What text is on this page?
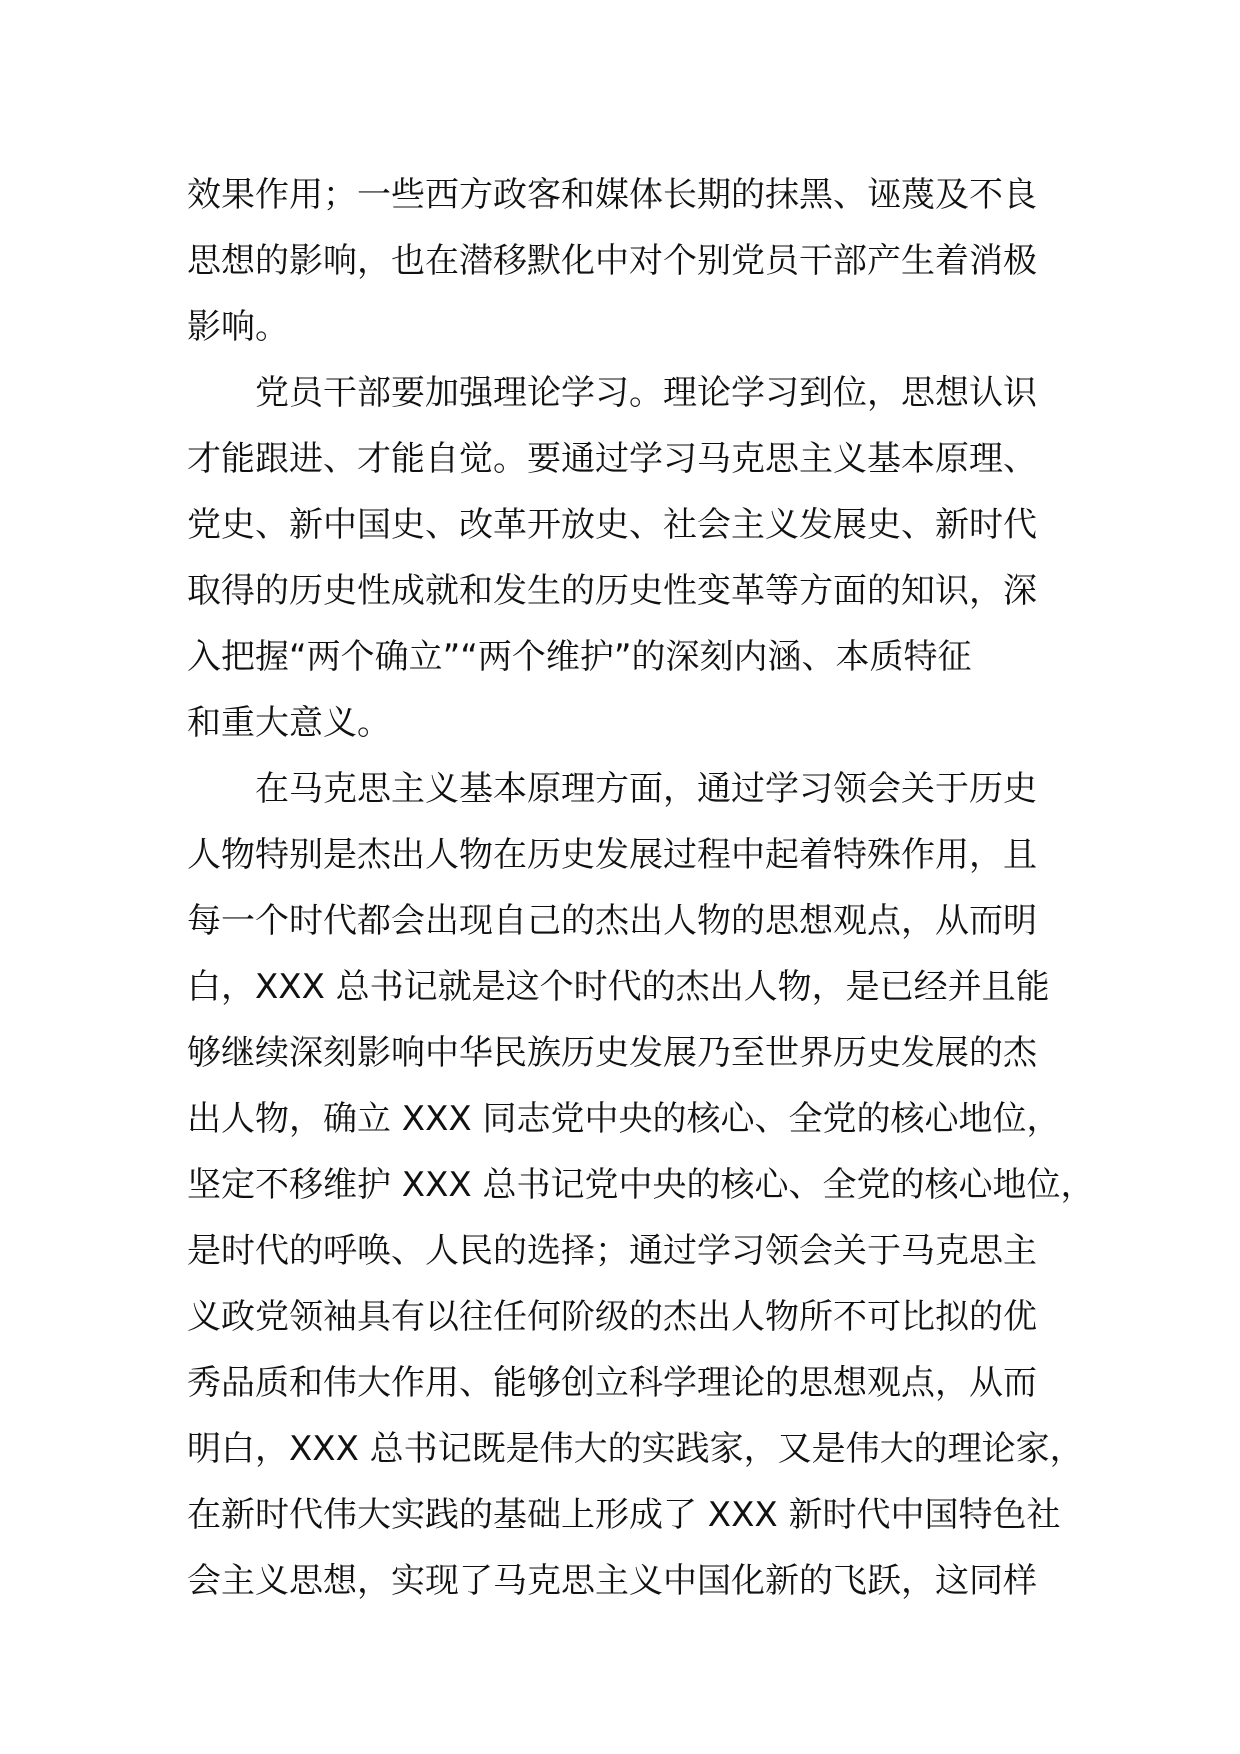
效果作用；一些西方政客和媒体长期的抹黑、诬蔑及不良
思想的影响，也在潜移默化中对个别党员干部产生着消极
影响。
党员干部要加强理论学习。理论学习到位，思想认识
才能跟进、才能自觉。要通过学习马克思主义基本原理、
党史、新中国史、改革开放史、社会主义发展史、新时代
取得的历史性成就和发生的历史性变革等方面的知识，深
入把握“两个确立”“两个维护”的深刻内涵、本质特征
和重大意义。
在马克思主义基本原理方面，通过学习领会关于历史
人物特别是杰出人物在历史发展过程中起着特殊作用，且
每一个时代都会出现自己的杰出人物的思想观点，从而明
白，XXX 总书记就是这个时代的杰出人物，是已经并且能
够继续深刻影响中华民族历史发展乃至世界历史发展的杰
出人物，确立 XXX 同志党中央的核心、全党的核心地位，
坚定不移维护 XXX 总书记党中央的核心、全党的核心地位，
是时代的呼唤、人民的选择；通过学习领会关于马克思主
义政党领袖具有以往任何阶级的杰出人物所不可比拟的优
秀品质和伟大作用、能够创立科学理论的思想观点，从而
明白，XXX 总书记既是伟大的实践家，又是伟大的理论家，
在新时代伟大实践的基础上形成了 XXX 新时代中国特色社
会主义思想，实现了马克思主义中国化新的飞跃，这同样
